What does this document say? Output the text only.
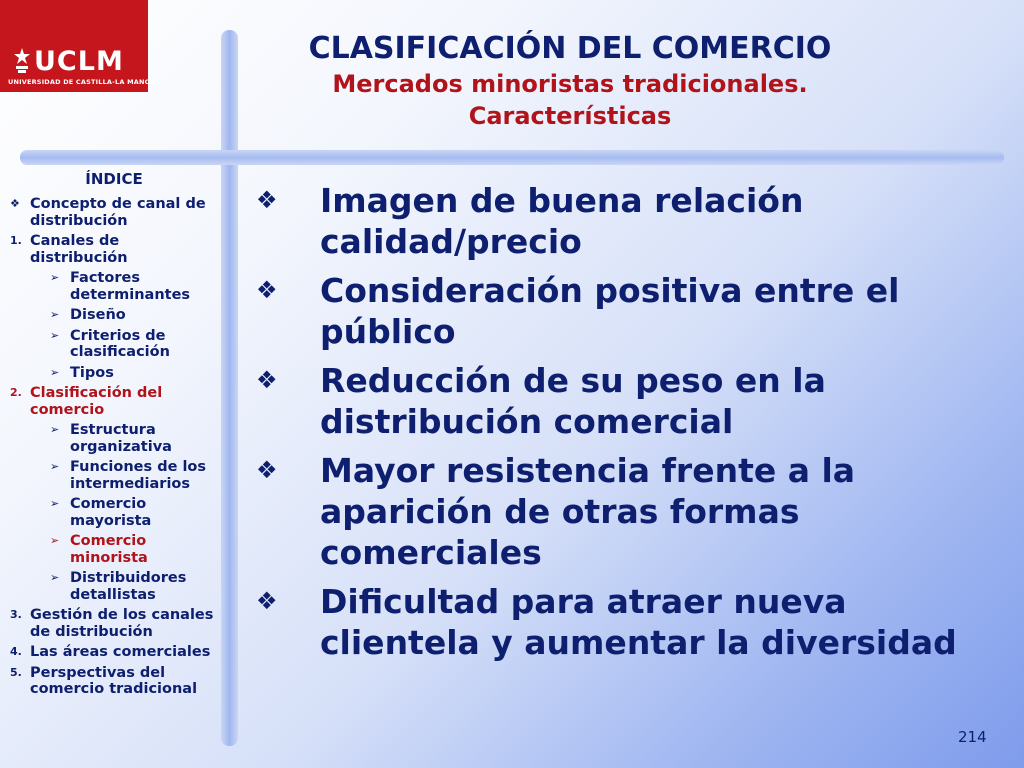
UCLM
UNIVERSIDAD DE CASTILLA-LA MANCHA
CLASIFICACIÓN DEL COMERCIO
Mercados minoristas tradicionales.
Características
ÍNDICE
❖ Concepto de canal de distribución
1. Canales de distribución
➢ Factores determinantes
➢ Diseño
➢ Criterios de clasificación
➢ Tipos
2. Clasificación del comercio
➢ Estructura organizativa
➢ Funciones de los intermediarios
➢ Comercio mayorista
➢ Comercio minorista
➢ Distribuidores detallistas
3. Gestión de los canales de distribución
4. Las áreas comerciales
5. Perspectivas del comercio tradicional
❖ Imagen de buena relación calidad/precio
❖ Consideración positiva entre el público
❖ Reducción de su peso en la distribución comercial
❖ Mayor resistencia frente a la aparición de otras formas comerciales
❖ Dificultad para atraer nueva clientela y aumentar la diversidad
214
